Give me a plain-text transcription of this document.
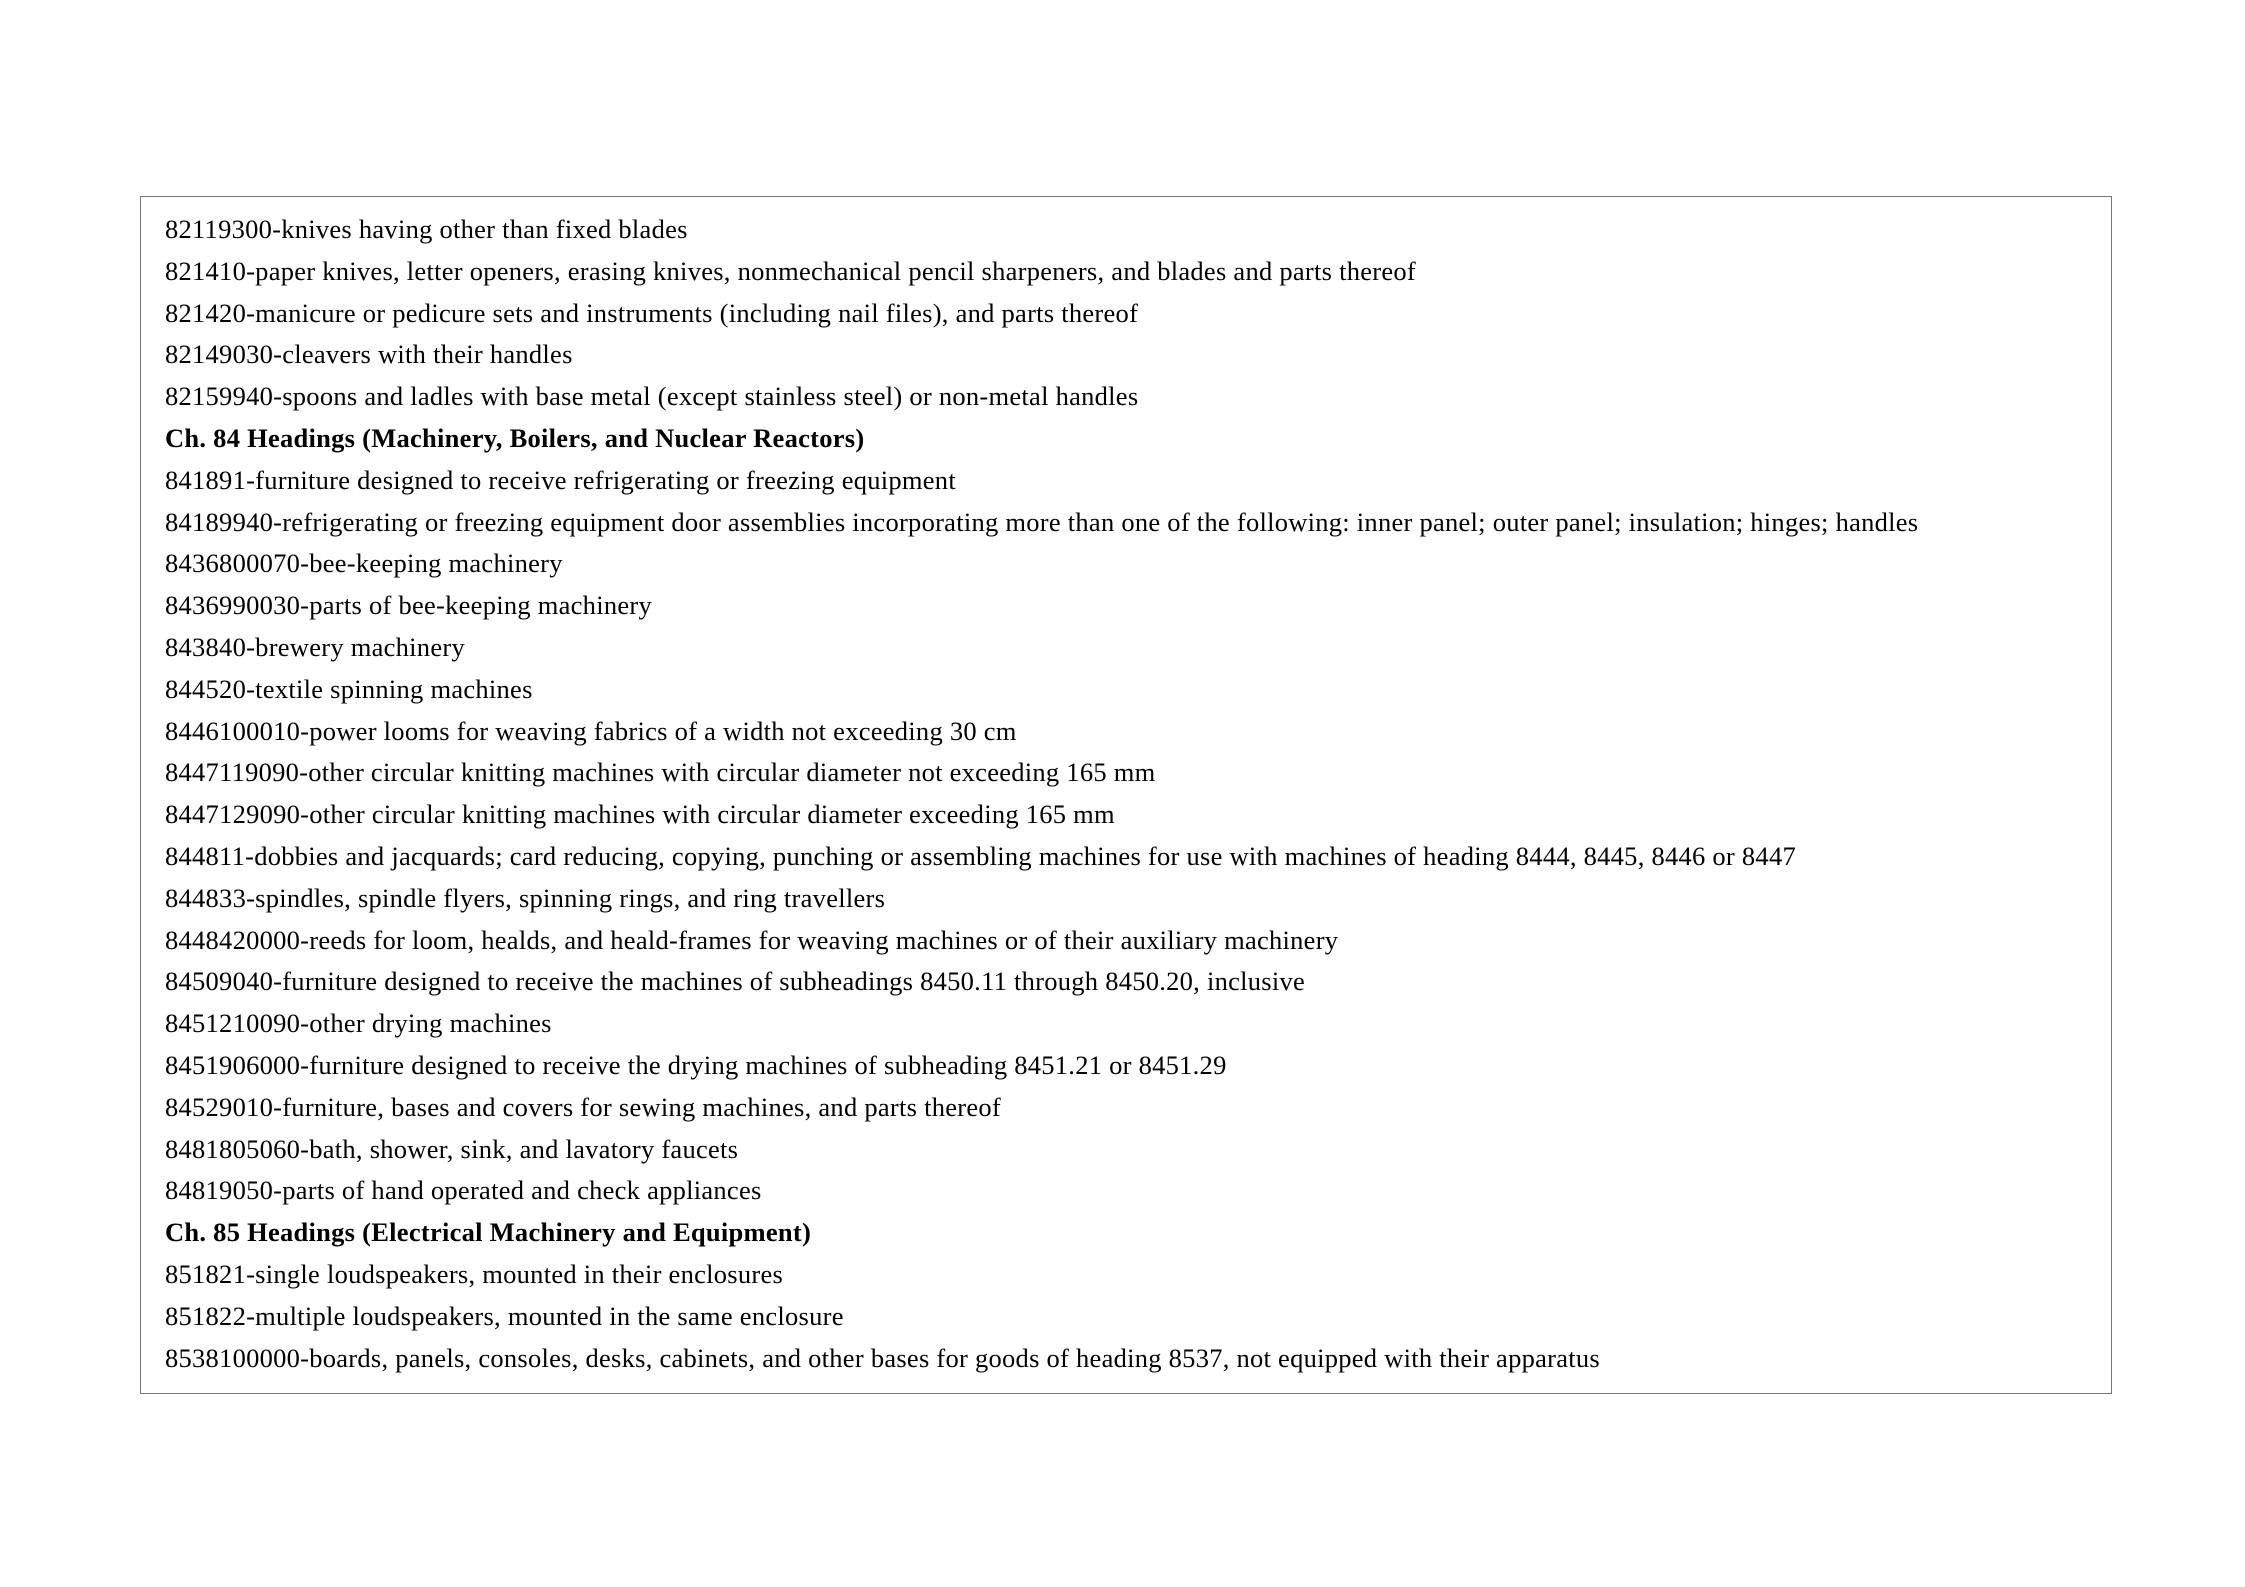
82119300-knives having other than fixed blades
821410-paper knives, letter openers, erasing knives, nonmechanical pencil sharpeners, and blades and parts thereof
821420-manicure or pedicure sets and instruments (including nail files), and parts thereof
82149030-cleavers with their handles
82159940-spoons and ladles with base metal (except stainless steel) or non-metal handles
Ch. 84 Headings (Machinery, Boilers, and Nuclear Reactors)
841891-furniture designed to receive refrigerating or freezing equipment
84189940-refrigerating or freezing equipment door assemblies incorporating more than one of the following: inner panel; outer panel; insulation; hinges; handles
8436800070-bee-keeping machinery
8436990030-parts of bee-keeping machinery
843840-brewery machinery
844520-textile spinning machines
8446100010-power looms for weaving fabrics of a width not exceeding 30 cm
8447119090-other circular knitting machines with circular diameter not exceeding 165 mm
8447129090-other circular knitting machines with circular diameter exceeding 165 mm
844811-dobbies and jacquards; card reducing, copying, punching or assembling machines for use with machines of heading 8444, 8445, 8446 or 8447
844833-spindles, spindle flyers, spinning rings, and ring travellers
8448420000-reeds for loom, healds, and heald-frames for weaving machines or of their auxiliary machinery
84509040-furniture designed to receive the machines of subheadings 8450.11 through 8450.20, inclusive
8451210090-other drying machines
8451906000-furniture designed to receive the drying machines of subheading 8451.21 or 8451.29
84529010-furniture, bases and covers for sewing machines, and parts thereof
8481805060-bath, shower, sink, and lavatory faucets
84819050-parts of hand operated and check appliances
Ch. 85 Headings (Electrical Machinery and Equipment)
851821-single loudspeakers, mounted in their enclosures
851822-multiple loudspeakers, mounted in the same enclosure
8538100000-boards, panels, consoles, desks, cabinets, and other bases for goods of heading 8537, not equipped with their apparatus
